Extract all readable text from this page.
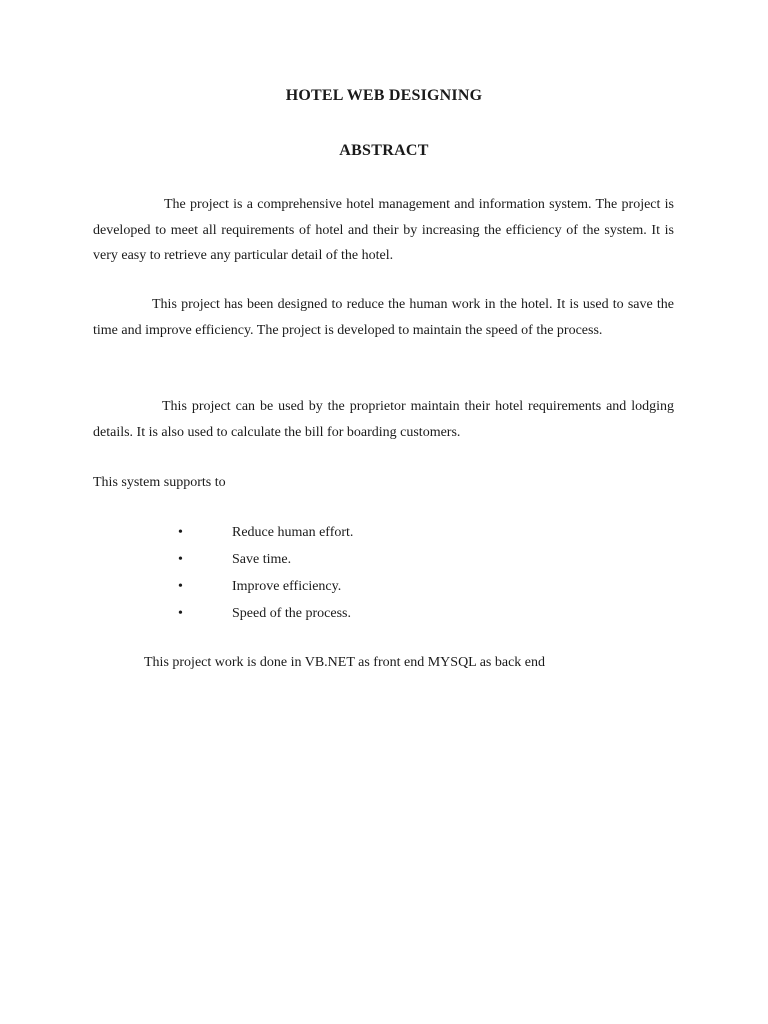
HOTEL WEB DESIGNING
ABSTRACT

The project is a comprehensive hotel management and information system. The project is developed to meet all requirements of hotel and their by increasing the efficiency of the system. It is very easy to retrieve any particular detail of the hotel.

This project has been designed to reduce the human work in the hotel. It is used to save the time and improve efficiency. The project is developed to maintain the speed of the process.

This project can be used by the proprietor maintain their hotel requirements and lodging details. It is also used to calculate the bill for boarding customers.

This system supports to
•	Reduce human effort.
•	Save time.
•	Improve efficiency.
•	Speed of the process.
This project work is done in VB.NET as front end MYSQL as back end
